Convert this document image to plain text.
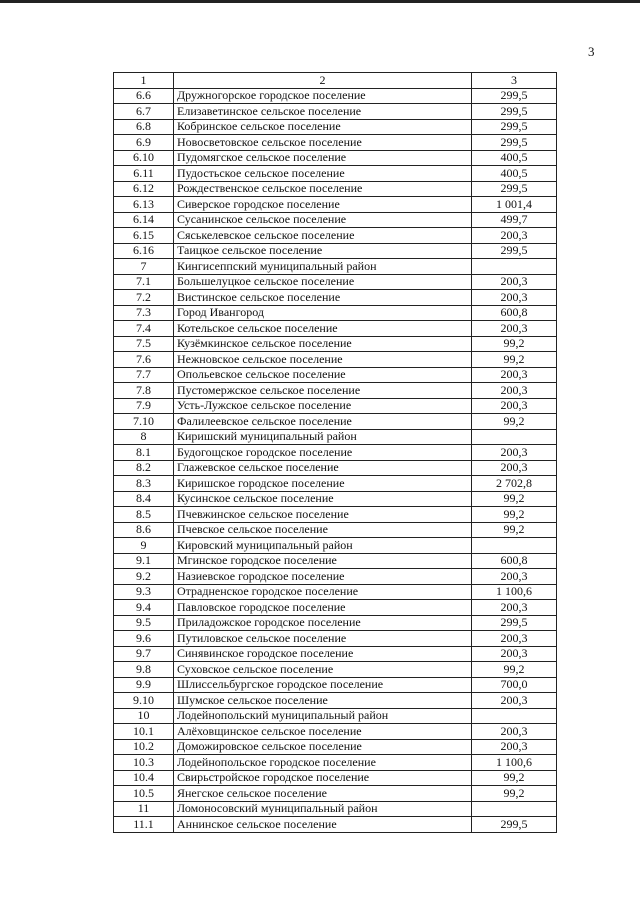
3
1	2	3
6.6	Дружногорское городское поселение	299,5
6.7	Елизаветинское сельское поселение	299,5
6.8	Кобринское сельское поселение	299,5
6.9	Новосветовское сельское поселение	299,5
6.10	Пудомягское сельское поселение	400,5
6.11	Пудостьское сельское поселение	400,5
6.12	Рождественское сельское поселение	299,5
6.13	Сиверское городское поселение	1 001,4
6.14	Сусанинское сельское поселение	499,7
6.15	Сяськелевское сельское поселение	200,3
6.16	Таицкое сельское поселение	299,5
7	Кингисеппский муниципальный район	
7.1	Большелуцкое сельское поселение	200,3
7.2	Вистинское сельское поселение	200,3
7.3	Город Ивангород	600,8
7.4	Котельское сельское поселение	200,3
7.5	Кузёмкинское сельское поселение	99,2
7.6	Нежновское сельское поселение	99,2
7.7	Опольевское сельское поселение	200,3
7.8	Пустомержское сельское поселение	200,3
7.9	Усть-Лужское сельское поселение	200,3
7.10	Фалилеевское сельское поселение	99,2
8	Киришский муниципальный район	
8.1	Будогощское городское поселение	200,3
8.2	Глажевское сельское поселение	200,3
8.3	Киришское городское поселение	2 702,8
8.4	Кусинское сельское поселение	99,2
8.5	Пчевжинское сельское поселение	99,2
8.6	Пчевское сельское поселение	99,2
9	Кировский муниципальный район	
9.1	Мгинское городское поселение	600,8
9.2	Назиевское городское поселение	200,3
9.3	Отрадненское городское поселение	1 100,6
9.4	Павловское городское поселение	200,3
9.5	Приладожское городское поселение	299,5
9.6	Путиловское сельское поселение	200,3
9.7	Синявинское городское поселение	200,3
9.8	Суховское сельское поселение	99,2
9.9	Шлиссельбургское городское поселение	700,0
9.10	Шумское сельское поселение	200,3
10	Лодейнопольский муниципальный район	
10.1	Алёховщинское сельское поселение	200,3
10.2	Доможировское сельское поселение	200,3
10.3	Лодейнопольское городское поселение	1 100,6
10.4	Свирьстройское городское поселение	99,2
10.5	Янегское сельское поселение	99,2
11	Ломоносовский муниципальный район	
11.1	Аннинское сельское поселение	299,5
